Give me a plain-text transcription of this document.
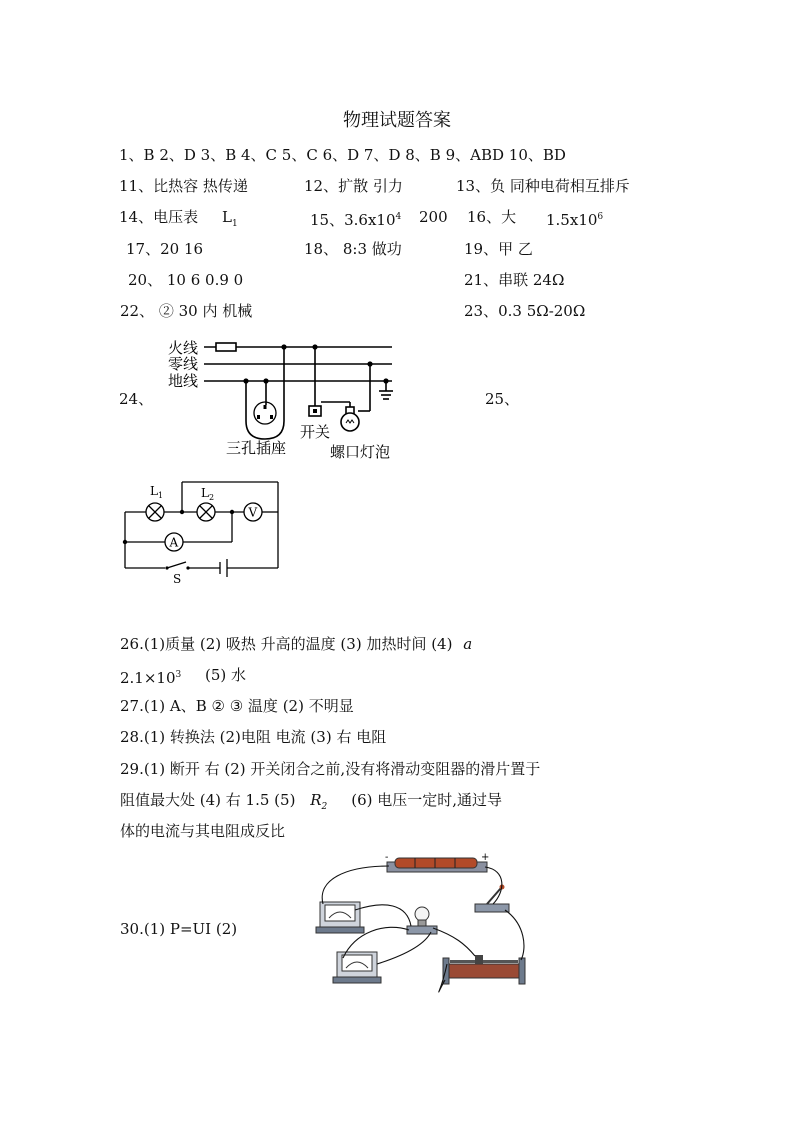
物理试题答案
1、B 2、D 3、B 4、C 5、C 6、D 7、D 8、B 9、ABD 10、BD
11、比热容 热传递	12、扩散 引力	13、负 同种电荷相互排斥
14、电压表 $L_1$	15、$3.6x10^4$ 200 16、大 $1.5x10^6$
17、20 16	18、 8:3 做功	19、甲 乙
20、 10 6 0.9 0	21、串联 24Ω
22、 ② 30 内 机械	23、0.3 5Ω-20Ω
24、	25、
火线
零线
地线
三孔插座
开关
螺口灯泡
V
A
$L_1$	$L_2$
S
26.(1)质量 (2) 吸热 升高的温度 (3) 加热时间 (4) a
$2.1\times 10^3$ (5) 水
27.(1) A、B ② ③ 温度 (2) 不明显
28.(1) 转换法 (2)电阻 电流 (3) 右 电阻
29.(1) 断开 右 (2) 开关闭合之前,没有将滑动变阻器的滑片置于
阻值最大处 (4) 右 1.5 (5) $R_2$ (6) 电压一定时,通过导
体的电流与其电阻成反比
30.(1) P=UI (2)
-	+
